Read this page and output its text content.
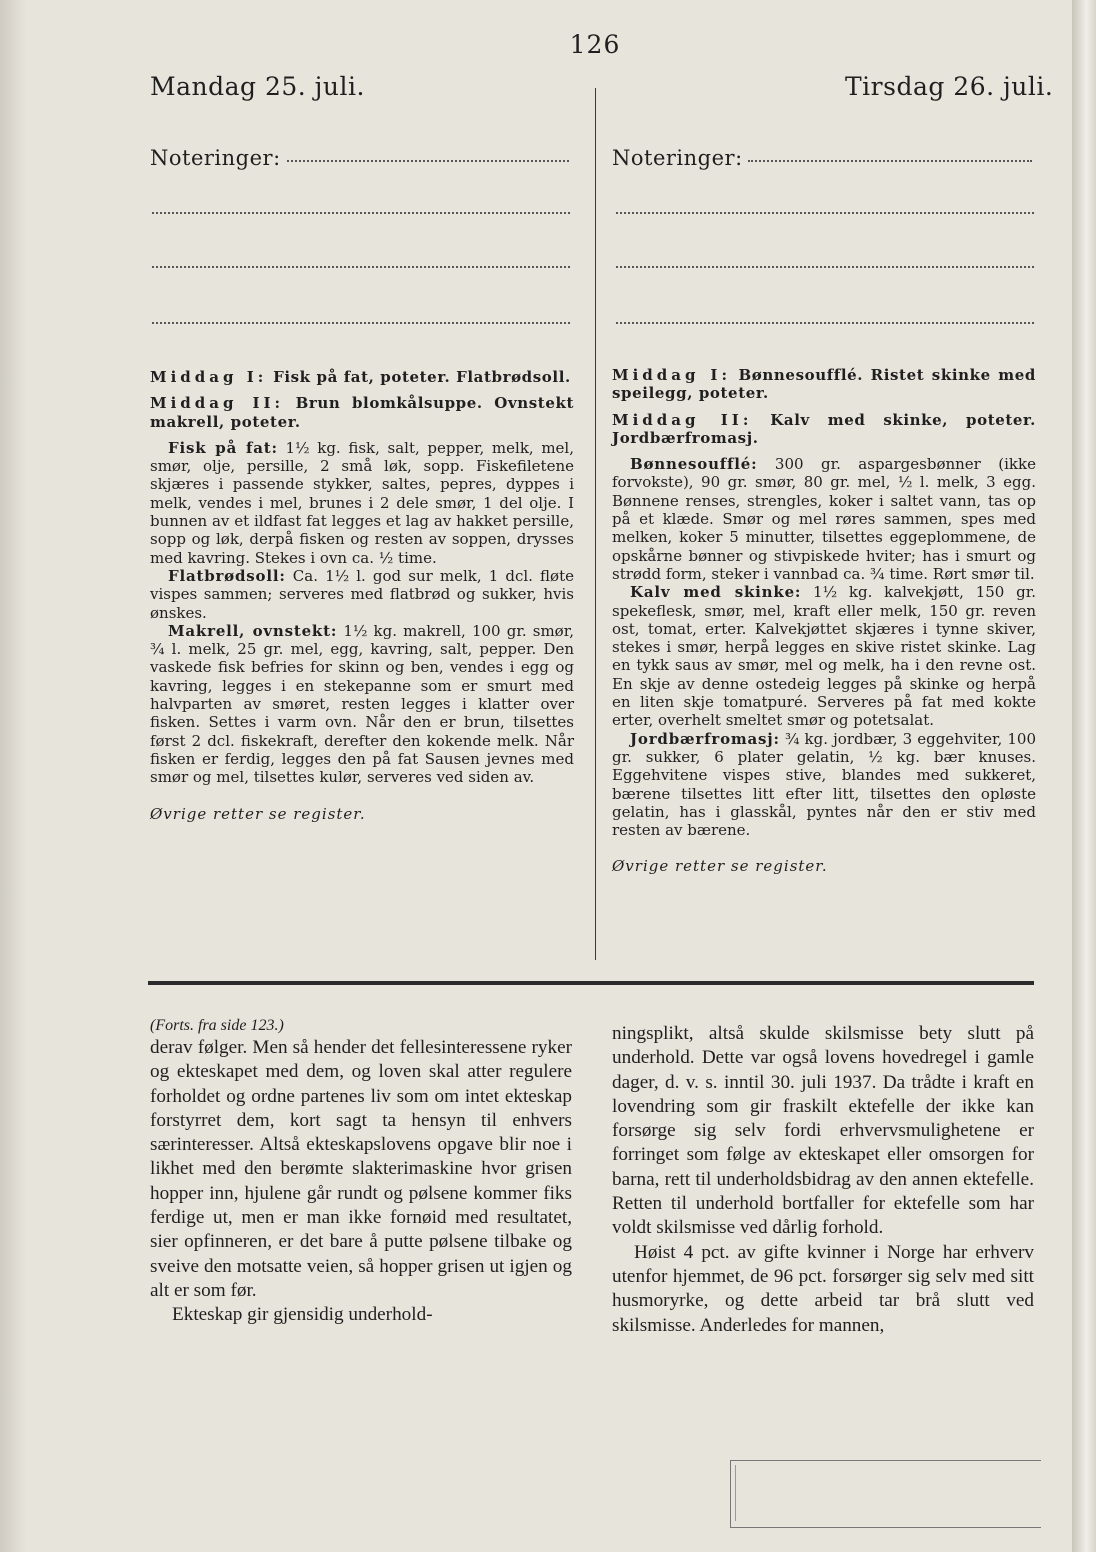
126
Mandag 25. juli.	Tirsdag 26. juli.
Noteringer:	Noteringer:

Middag I: Fisk på fat, poteter. Flatbrødsoll.

Middag II: Brun blomkålsuppe. Ovnstekt makrell, poteter.

Fisk på fat: 1½ kg. fisk, salt, pepper, melk, mel, smør, olje, persille, 2 små løk, sopp. Fiskefiletene skjæres i passende stykker, saltes, pepres, dyppes i melk, vendes i mel, brunes i 2 dele smør, 1 del olje. I bunnen av et ildfast fat legges et lag av hakket persille, sopp og løk, derpå fisken og resten av soppen, drysses med kavring. Stekes i ovn ca. ½ time.

Flatbrødsoll: Ca. 1½ l. god sur melk, 1 dcl. fløte vispes sammen; serveres med flatbrød og sukker, hvis ønskes.

Makrell, ovnstekt: 1½ kg. makrell, 100 gr. smør, ¾ l. melk, 25 gr. mel, egg, kavring, salt, pepper. Den vaskede fisk befries for skinn og ben, vendes i egg og kavring, legges i en stekepanne som er smurt med halvparten av smøret, resten legges i klatter over fisken. Settes i varm ovn. Når den er brun, tilsettes først 2 dcl. fiskekraft, derefter den kokende melk. Når fisken er ferdig, legges den på fat Sausen jevnes med smør og mel, tilsettes kulør, serveres ved siden av.

Øvrige retter se register.

Middag I: Bønnesoufflé. Ristet skinke med speilegg, poteter.

Middag II: Kalv med skinke, poteter. Jordbærfromasj.

Bønnesoufflé: 300 gr. aspargesbønner (ikke forvokste), 90 gr. smør, 80 gr. mel, ½ l. melk, 3 egg. Bønnene renses, strengles, koker i saltet vann, tas op på et klæde. Smør og mel røres sammen, spes med melken, koker 5 minutter, tilsettes eggeplommene, de opskårne bønner og stivpiskede hviter; has i smurt og strødd form, steker i vannbad ca. ¾ time. Rørt smør til.

Kalv med skinke: 1½ kg. kalvekjøtt, 150 gr. spekeflesk, smør, mel, kraft eller melk, 150 gr. reven ost, tomat, erter. Kalvekjøttet skjæres i tynne skiver, stekes i smør, herpå legges en skive ristet skinke. Lag en tykk saus av smør, mel og melk, ha i den revne ost. En skje av denne ostedeig legges på skinke og herpå en liten skje tomatpuré. Serveres på fat med kokte erter, overhelt smeltet smør og potetsalat.

Jordbærfromasj: ¾ kg. jordbær, 3 eggehviter, 100 gr. sukker, 6 plater gelatin, ½ kg. bær knuses. Eggehvitene vispes stive, blandes med sukkeret, bærene tilsettes litt efter litt, tilsettes den opløste gelatin, has i glasskål, pyntes når den er stiv med resten av bærene.

Øvrige retter se register.

(Forts. fra side 123.)

derav følger. Men så hender det fellesinteressene ryker og ekteskapet med dem, og loven skal atter regulere forholdet og ordne partenes liv som om intet ekteskap forstyrret dem, kort sagt ta hensyn til enhvers særinteresser. Altså ekteskapslovens opgave blir noe i likhet med den berømte slakterimaskine hvor grisen hopper inn, hjulene går rundt og pølsene kommer fiks ferdige ut, men er man ikke fornøid med resultatet, sier opfinneren, er det bare å putte pølsene tilbake og sveive den motsatte veien, så hopper grisen ut igjen og alt er som før.

Ekteskap gir gjensidig underhold-

ningsplikt, altså skulde skilsmisse bety slutt på underhold. Dette var også lovens hovedregel i gamle dager, d. v. s. inntil 30. juli 1937. Da trådte i kraft en lovendring som gir fraskilt ektefelle der ikke kan forsørge sig selv fordi erhvervsmulighetene er forringet som følge av ekteskapet eller omsorgen for barna, rett til underholdsbidrag av den annen ektefelle. Retten til underhold bortfaller for ektefelle som har voldt skilsmisse ved dårlig forhold.

Høist 4 pct. av gifte kvinner i Norge har erhverv utenfor hjemmet, de 96 pct. forsørger sig selv med sitt husmoryrke, og dette arbeid tar brå slutt ved skilsmisse. Anderledes for mannen,
